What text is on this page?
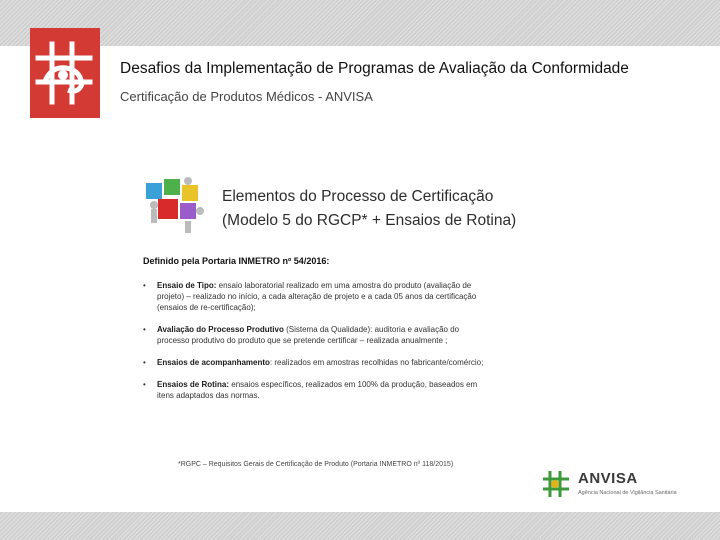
Desafios da Implementação de Programas de Avaliação da Conformidade
Certificação de Produtos Médicos - ANVISA
Elementos do Processo de Certificação
(Modelo 5 do RGCP* + Ensaios de Rotina)
Definido pela Portaria INMETRO nº 54/2016:
• Ensaio de Tipo: ensaio laboratorial realizado em uma amostra do produto (avaliação de projeto) – realizado no início, a cada alteração de projeto e a cada 05 anos da certificação (ensaios de re-certificação);
• Avaliação do Processo Produtivo (Sistema da Qualidade): auditoria e avaliação do processo produtivo do produto que se pretende certificar – realizada anualmente ;
• Ensaios de acompanhamento: realizados em amostras recolhidas no fabricante/comércio;
• Ensaios de Rotina: ensaios específicos, realizados em 100% da produção, baseados em itens adaptados das normas.
*RGPC – Requisitos Gerais de Certificação de Produto (Portaria INMETRO nº 118/2015)
ANVISA
Agência Nacional de Vigilância Sanitária
